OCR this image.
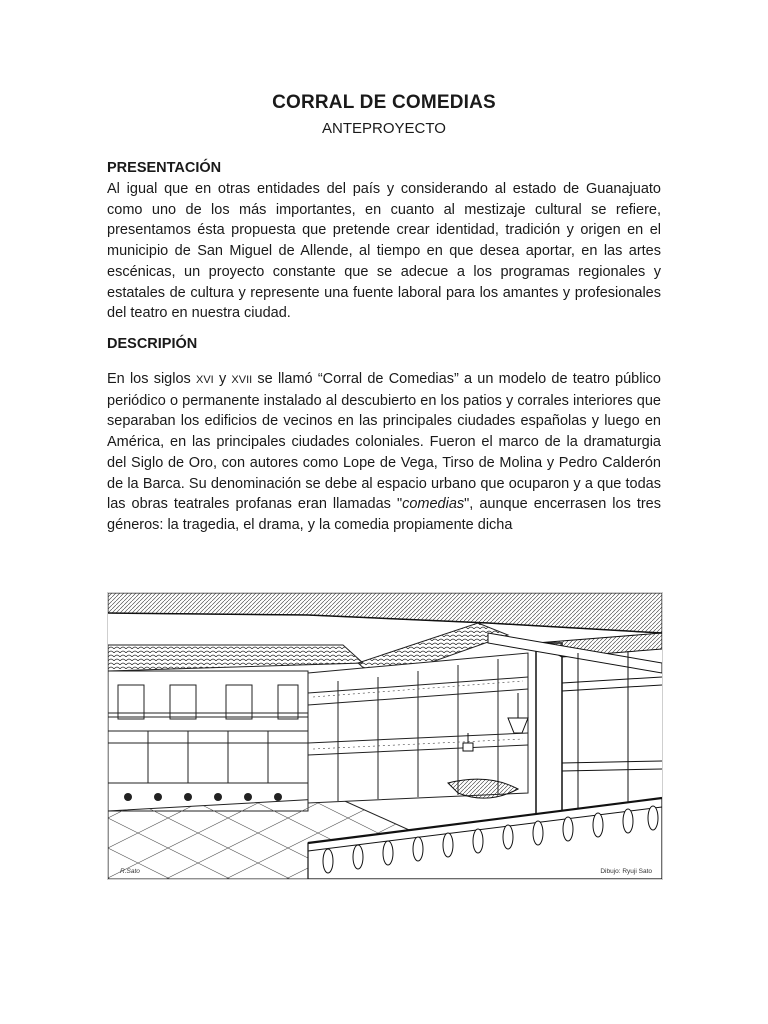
CORRAL DE COMEDIAS
ANTEPROYECTO
PRESENTACIÓN
Al igual que en otras entidades del país y considerando al estado de Guanajuato como uno de los más importantes, en cuanto al mestizaje cultural se refiere, presentamos ésta propuesta que pretende crear identidad, tradición y origen en el municipio de San Miguel de Allende, al tiempo en que desea aportar, en las artes escénicas, un proyecto constante que se adecue a los programas regionales y estatales de cultura y represente una fuente laboral para los amantes y profesionales del teatro en nuestra ciudad.
DESCRIPIÓN
En los siglos XVI y XVII se llamó “Corral de Comedias” a un modelo de teatro público periódico o permanente instalado al descubierto en los patios y corrales interiores que separaban los edificios de vecinos en las principales ciudades españolas y luego en América, en las principales ciudades coloniales. Fueron el marco de la dramaturgia del Siglo de Oro, con autores como Lope de Vega, Tirso de Molina y Pedro Calderón de la Barca. Su denominación se debe al espacio urbano que ocuparon y a que todas las obras teatrales profanas eran llamadas "comedias", aunque encerrasen los tres géneros: la tragedia, el drama, y la comedia propiamente dicha
R.Sato	Dibujo: Ryuji Sato
